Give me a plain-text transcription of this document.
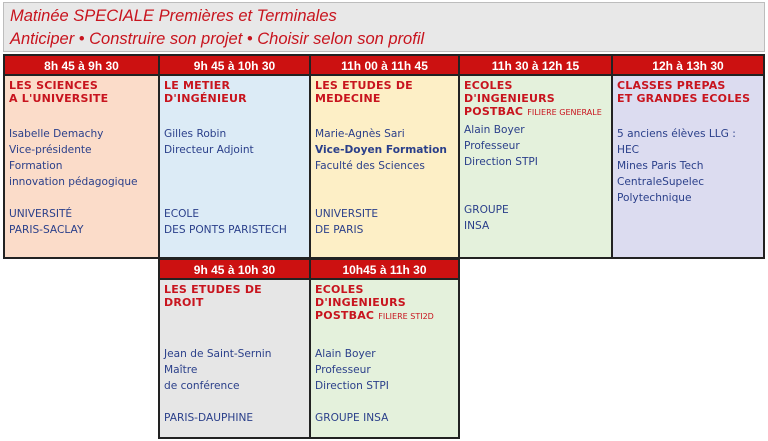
Matinée SPECIALE Premières et Terminales
Anticiper • Construire son projet • Choisir selon son profil
8h 45 à 9h 30
LES SCIENCES
A L'UNIVERSITE
Isabelle Demachy
Vice-présidente
Formation
innovation pédagogique
UNIVERSITÉ
PARIS-SACLAY
9h 45 à 10h 30
LE METIER
D'INGÉNIEUR
Gilles Robin
Directeur Adjoint
ECOLE
DES PONTS PARISTECH
11h 00 à 11h 45
LES ETUDES DE
MEDECINE
Marie-Agnès Sari
Vice-Doyen Formation
Faculté des Sciences
UNIVERSITE
DE PARIS
11h 30 à 12h 15
ECOLES D'INGENIEURS
POSTBAC FILIERE GENERALE
Alain Boyer
Professeur
Direction STPI
GROUPE
INSA
12h à 13h 30
CLASSES PREPAS
ET GRANDES ECOLES
5 anciens élèves LLG :
HEC
Mines Paris Tech
CentraleSupelec
Polytechnique
9h 45 à 10h 30
LES ETUDES DE
DROIT
Jean de Saint-Sernin
Maître
de conférence
PARIS-DAUPHINE
10h45 à 11h 30
ECOLES
D'INGENIEURS
POSTBAC FILIERE STI2D
Alain Boyer
Professeur
Direction STPI
GROUPE INSA
